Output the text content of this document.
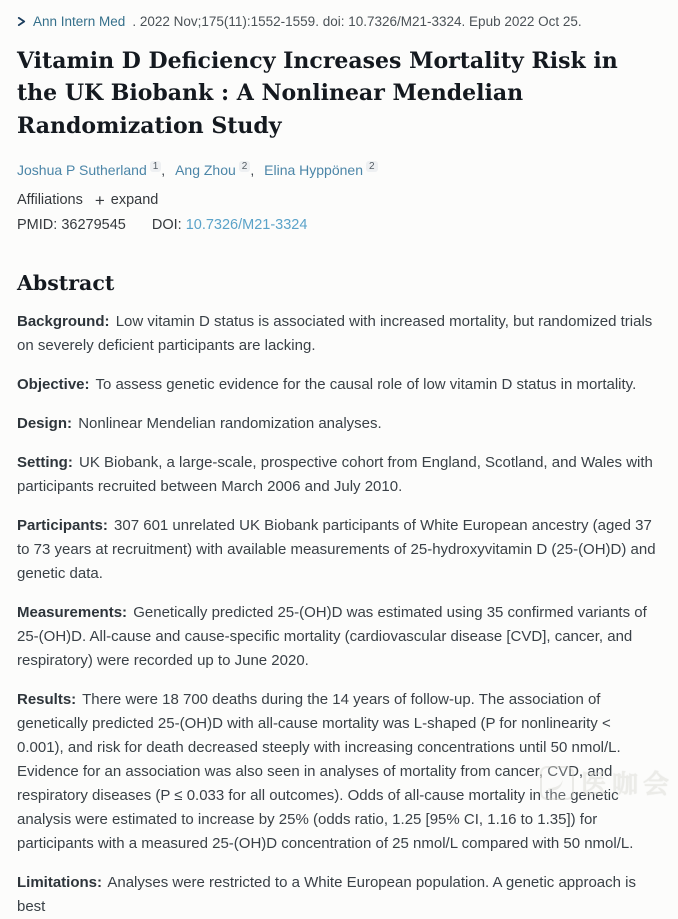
Ann Intern Med . 2022 Nov;175(11):1552-1559. doi: 10.7326/M21-3324. Epub 2022 Oct 25.
Vitamin D Deficiency Increases Mortality Risk in the UK Biobank : A Nonlinear Mendelian Randomization Study
Joshua P Sutherland $^1$ , Ang Zhou $^2$ , Elina Hyppönen $^2$
Affiliations + expand
PMID: 36279545 DOI: 10.7326/M21-3324
Abstract

Background: Low vitamin D status is associated with increased mortality, but randomized trials on severely deficient participants are lacking.

Objective: To assess genetic evidence for the causal role of low vitamin D status in mortality.

Design: Nonlinear Mendelian randomization analyses.

Setting: UK Biobank, a large-scale, prospective cohort from England, Scotland, and Wales with participants recruited between March 2006 and July 2010.

Participants: 307 601 unrelated UK Biobank participants of White European ancestry (aged 37 to 73 years at recruitment) with available measurements of 25-hydroxyvitamin D (25-(OH)D) and genetic data.

Measurements: Genetically predicted 25-(OH)D was estimated using 35 confirmed variants of 25-(OH)D. All-cause and cause-specific mortality (cardiovascular disease [CVD], cancer, and respiratory) were recorded up to June 2020.

Results: There were 18 700 deaths during the 14 years of follow-up. The association of genetically predicted 25-(OH)D with all-cause mortality was L-shaped (P for nonlinearity < 0.001), and risk for death decreased steeply with increasing concentrations until 50 nmol/L. Evidence for an association was also seen in analyses of mortality from cancer, CVD, and respiratory diseases (P ≤ 0.033 for all outcomes). Odds of all-cause mortality in the genetic analysis were estimated to increase by 25% (odds ratio, 1.25 [95% CI, 1.16 to 1.35]) for participants with a measured 25-(OH)D concentration of 25 nmol/L compared with 50 nmol/L.

Limitations: Analyses were restricted to a White European population. A genetic approach is best

医咖会
